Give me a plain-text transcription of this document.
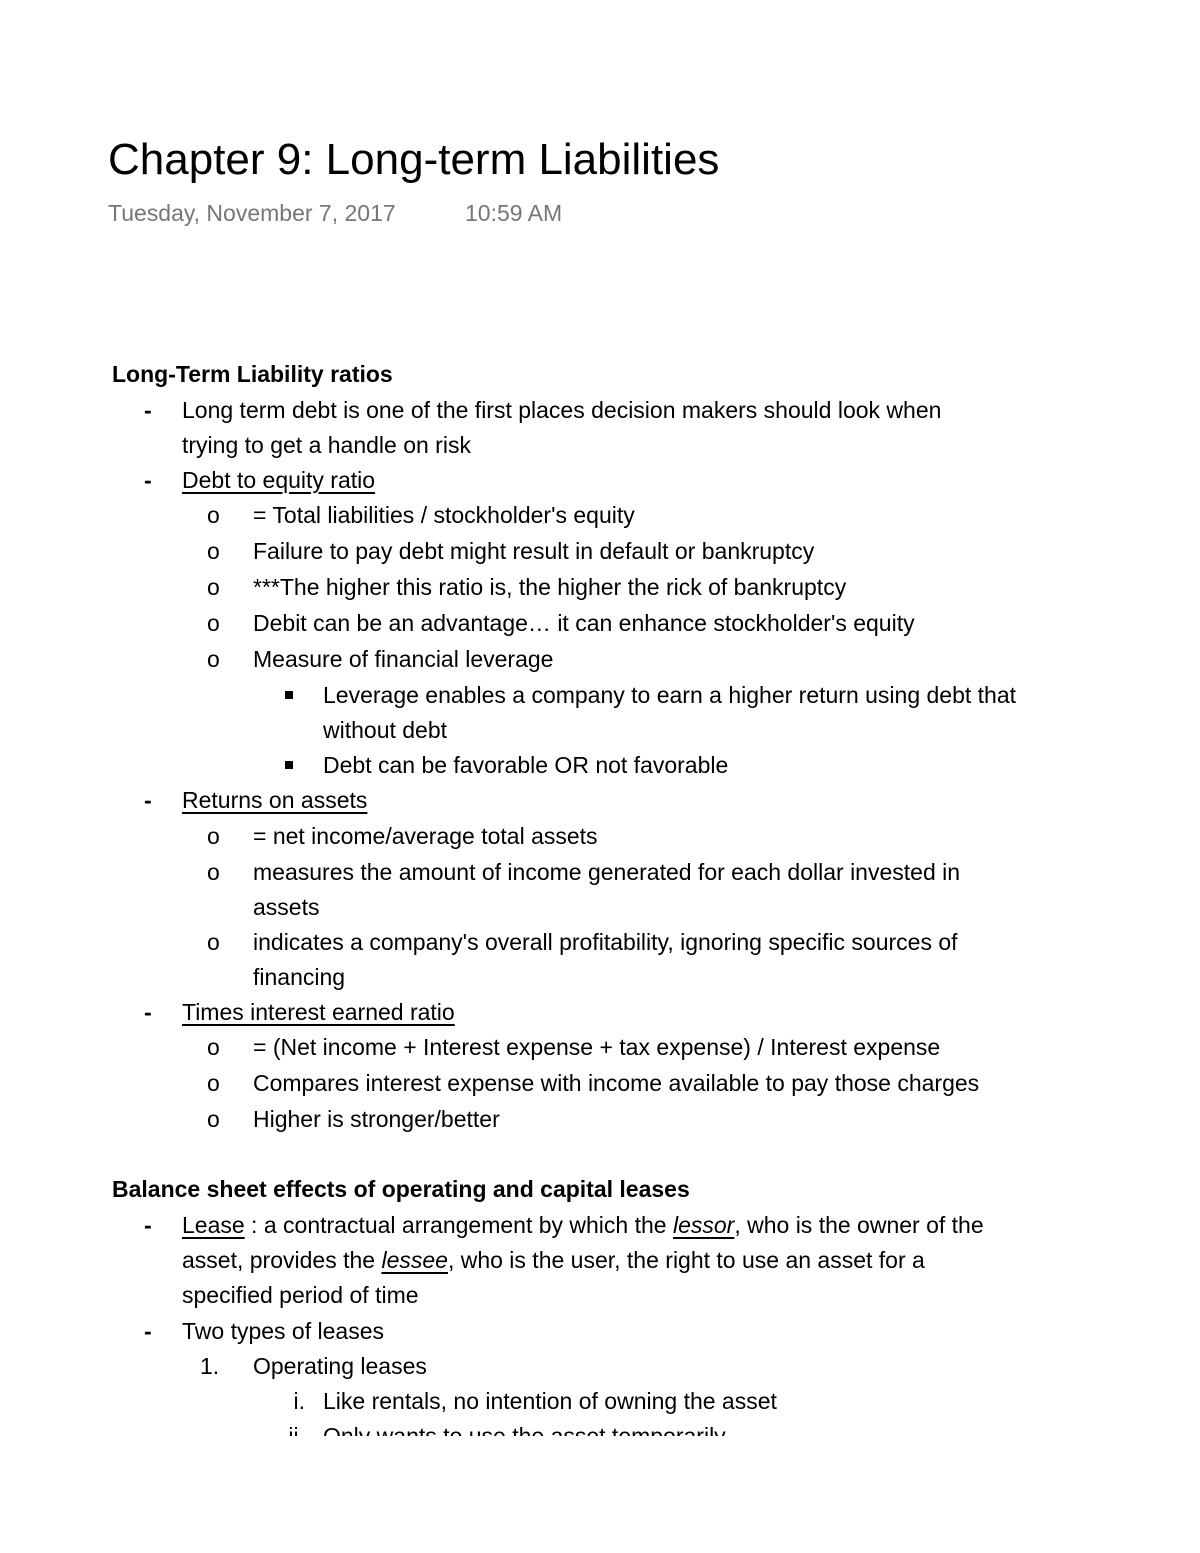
Chapter 9: Long-term Liabilities
Tuesday, November 7, 2017	10:59 AM
Long-Term Liability ratios
- Long term debt is one of the first places decision makers should look when
trying to get a handle on risk
- Debt to equity ratio
o = Total liabilities / stockholder's equity
o Failure to pay debt might result in default or bankruptcy
o ***The higher this ratio is, the higher the rick of bankruptcy
o Debit can be an advantage… it can enhance stockholder's equity
o Measure of financial leverage
Leverage enables a company to earn a higher return using debt that
without debt
Debt can be favorable OR not favorable
- Returns on assets
o = net income/average total assets
o measures the amount of income generated for each dollar invested in
assets
o indicates a company's overall profitability, ignoring specific sources of
financing
- Times interest earned ratio
o = (Net income + Interest expense + tax expense) / Interest expense
o Compares interest expense with income available to pay those charges
o Higher is stronger/better
Balance sheet effects of operating and capital leases
- Lease : a contractual arrangement by which the lessor, who is the owner of the
asset, provides the lessee, who is the user, the right to use an asset for a
specified period of time
- Two types of leases
1. Operating leases
i. Like rentals, no intention of owning the asset
